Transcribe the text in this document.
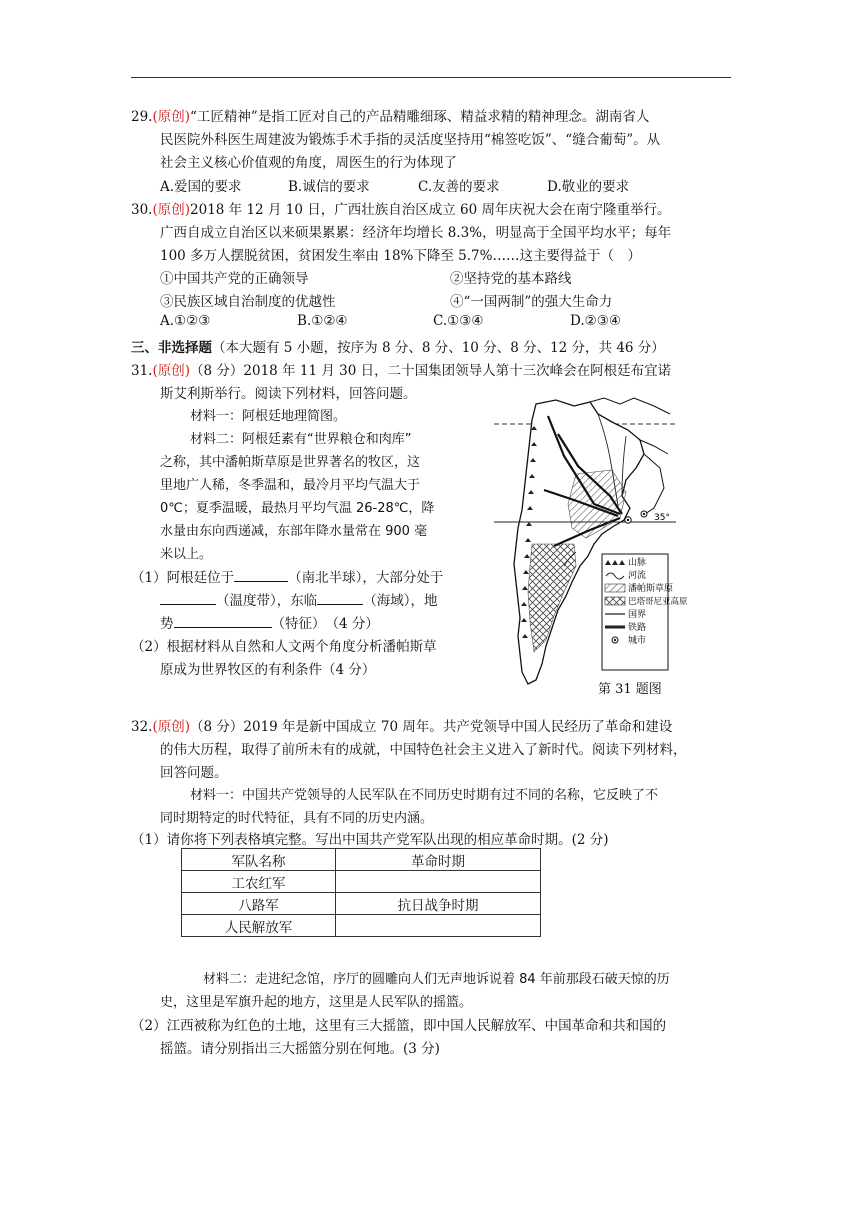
29.(原创)“工匠精神”是指工匠对自己的产品精雕细琢、精益求精的精神理念。湖南省人
民医院外科医生周建波为锻炼手术手指的灵活度坚持用“棉签吃饭”、“缝合葡萄”。从
社会主义核心价值观的角度，周医生的行为体现了
A.爱国的要求	B.诚信的要求	C.友善的要求	D.敬业的要求
30.(原创)2018 年 12 月 10 日，广西壮族自治区成立 60 周年庆祝大会在南宁隆重举行。
广西自成立自治区以来硕果累累：经济年均增长 8.3%，明显高于全国平均水平；每年
100 多万人摆脱贫困，贫困发生率由 18%下降至 5.7%……这主要得益于（　）
①中国共产党的正确领导	②坚持党的基本路线
③民族区域自治制度的优越性	④“一国两制”的强大生命力
A.①②③	B.①②④	C.①③④	D.②③④
三、非选择题（本大题有 5 小题，按序为 8 分、8 分、10 分、8 分、12 分，共 46 分）
31.(原创)（8 分）2018 年 11 月 30 日，二十国集团领导人第十三次峰会在阿根廷布宜诺
斯艾利斯举行。阅读下列材料，回答问题。
材料一：阿根廷地理简图。
材料二：阿根廷素有“世界粮仓和肉库”
之称，其中潘帕斯草原是世界著名的牧区，这
里地广人稀，冬季温和，最冷月平均气温大于
0℃；夏季温暖，最热月平均气温 26-28℃，降
水量由东向西递减，东部年降水量常在 900 毫
米以上。
（1）阿根廷位于	（南北半球），大部分处于
（温度带），东临	（海域），地
势	（特征）　（4 分）
（2）根据材料从自然和人文两个角度分析潘帕斯草
原成为世界牧区的有利条件（4 分）
35°
山脉
河流
潘帕斯草原
巴塔哥尼亚高原
国界
铁路
城市
第 31 题图
32.(原创)（8 分）2019 年是新中国成立 70 周年。共产党领导中国人民经历了革命和建设
的伟大历程，取得了前所未有的成就，中国特色社会主义进入了新时代。阅读下列材料，
回答问题。
材料一：中国共产党领导的人民军队在不同历史时期有过不同的名称，它反映了不
同时期特定的时代特征，具有不同的历史内涵。
（1）请你将下列表格填完整。写出中国共产党军队出现的相应革命时期。(2 分)
军队名称	革命时期
工农红军	
八路军	抗日战争时期
人民解放军	
材料二：走进纪念馆，序厅的圆雕向人们无声地诉说着 84 年前那段石破天惊的历
史，这里是军旗升起的地方，这里是人民军队的摇篮。
（2）江西被称为红色的土地，这里有三大摇篮，即中国人民解放军、中国革命和共和国的
摇篮。请分别指出三大摇篮分别在何地。(3 分)
